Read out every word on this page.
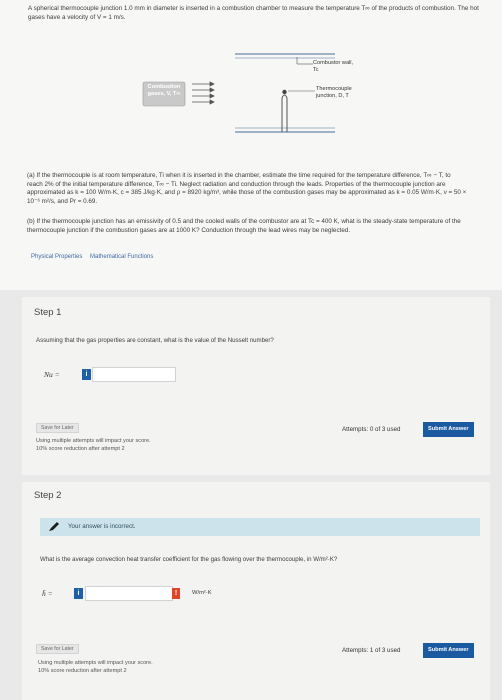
A spherical thermocouple junction 1.0 mm in diameter is inserted in a combustion chamber to measure the temperature T∞ of the products of combustion. The hot gases have a velocity of V = 1 m/s.

Combustion gases, V, T∞
Combustor wall, Tc
Thermocouple junction, D, T

(a) If the thermocouple is at room temperature, Ti when it is inserted in the chamber, estimate the time required for the temperature difference, T∞ − T, to reach 2% of the initial temperature difference, T∞ − Ti. Neglect radiation and conduction through the leads. Properties of the thermocouple junction are approximated as k = 100 W/m·K, c = 385 J/kg·K, and ρ = 8920 kg/m³, while those of the combustion gases may be approximated as k = 0.05 W/m·K, ν = 50 × 10⁻⁶ m²/s, and Pr = 0.69.

(b) If the thermocouple junction has an emissivity of 0.5 and the cooled walls of the combustor are at Tc = 400 K, what is the steady-state temperature of the thermocouple junction if the combustion gases are at 1000 K? Conduction through the lead wires may be neglected.

Physical Properties Mathematical Functions
Step 1
Assuming that the gas properties are constant, what is the value of the Nusselt number?
Nu =	i
Save for Later
Using multiple attempts will impact your score.
10% score reduction after attempt 2
Attempts: 0 of 3 used	Submit Answer
Step 2
Your answer is incorrect.
What is the average convection heat transfer coefficient for the gas flowing over the thermocouple, in W/m²·K?
h̄ =	i	!	W/m²·K
Save for Later
Using multiple attempts will impact your score.
10% score reduction after attempt 2
Attempts: 1 of 3 used	Submit Answer
